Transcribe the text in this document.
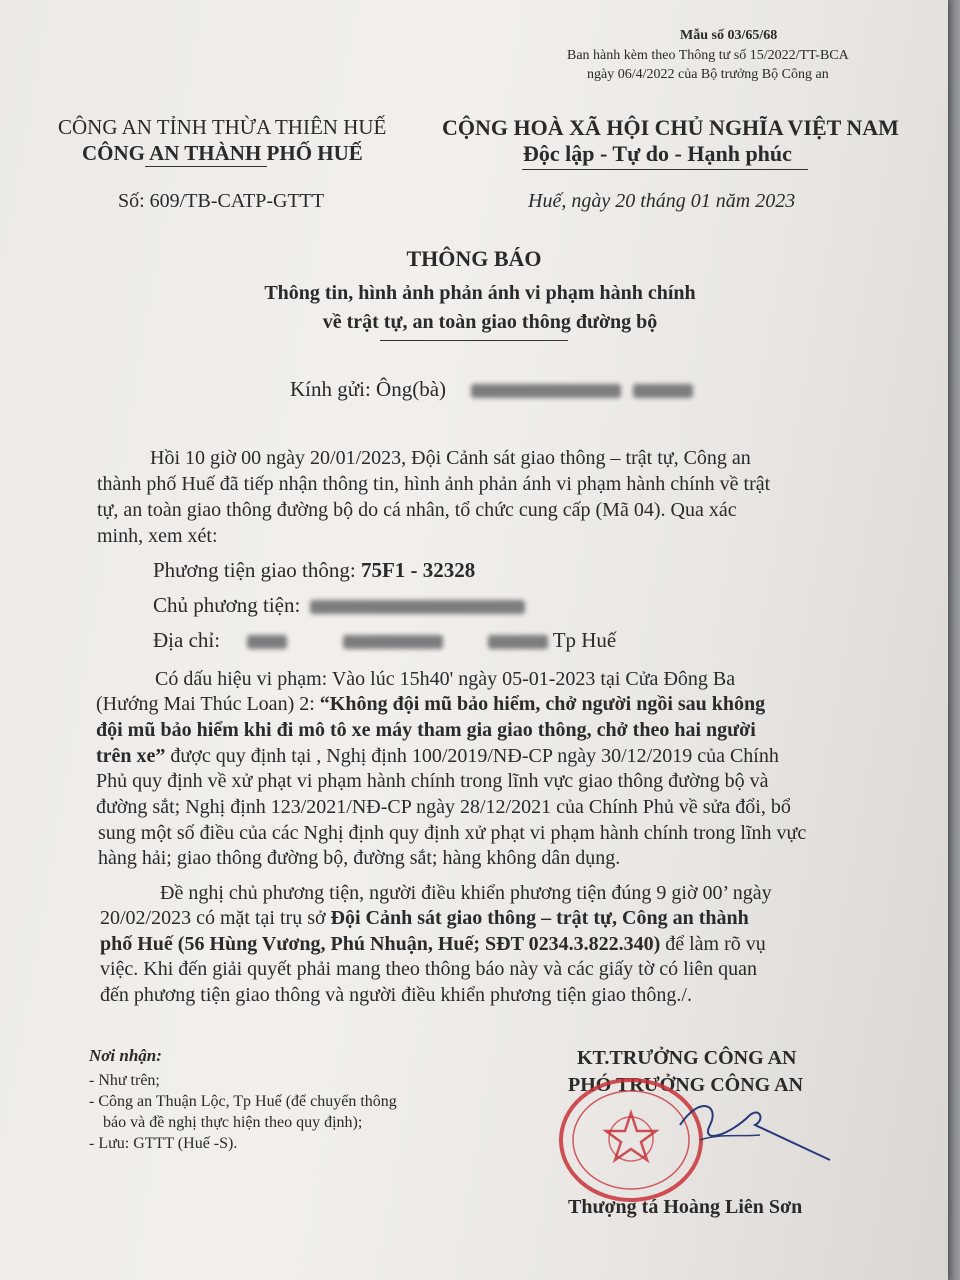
Mẫu số 03/65/68
Ban hành kèm theo Thông tư số 15/2022/TT-BCA
ngày 06/4/2022 của Bộ trưởng Bộ Công an
CÔNG AN TỈNH THỪA THIÊN HUẾ
CÔNG AN THÀNH PHỐ HUẾ
CỘNG HOÀ XÃ HỘI CHỦ NGHĨA VIỆT NAM
Độc lập - Tự do - Hạnh phúc
Số: 609/TB-CATP-GTTT	Huế, ngày 20 tháng 01 năm 2023
THÔNG BÁO
Thông tin, hình ảnh phản ánh vi phạm hành chính
về trật tự, an toàn giao thông đường bộ
Kính gửi: Ông(bà)
Hồi 10 giờ 00 ngày 20/01/2023, Đội Cảnh sát giao thông – trật tự, Công an
thành phố Huế đã tiếp nhận thông tin, hình ảnh phản ánh vi phạm hành chính về trật
tự, an toàn giao thông đường bộ do cá nhân, tổ chức cung cấp (Mã 04). Qua xác
minh, xem xét:
Phương tiện giao thông: 75F1 - 32328
Chủ phương tiện:
Địa chỉ:	Tp Huế
Có dấu hiệu vi phạm: Vào lúc 15h40' ngày 05-01-2023 tại Cửa Đông Ba
(Hướng Mai Thúc Loan) 2: “Không đội mũ bảo hiểm, chở người ngồi sau không
đội mũ bảo hiểm khi đi mô tô xe máy tham gia giao thông, chở theo hai người
trên xe” được quy định tại , Nghị định 100/2019/NĐ-CP ngày 30/12/2019 của Chính
Phủ quy định về xử phạt vi phạm hành chính trong lĩnh vực giao thông đường bộ và
đường sắt; Nghị định 123/2021/NĐ-CP ngày 28/12/2021 của Chính Phủ về sửa đổi, bổ
sung một số điều của các Nghị định quy định xử phạt vi phạm hành chính trong lĩnh vực
hàng hải; giao thông đường bộ, đường sắt; hàng không dân dụng.
Đề nghị chủ phương tiện, người điều khiển phương tiện đúng 9 giờ 00’ ngày
20/02/2023 có mặt tại trụ sở Đội Cảnh sát giao thông – trật tự, Công an thành
phố Huế (56 Hùng Vương, Phú Nhuận, Huế; SĐT 0234.3.822.340) để làm rõ vụ
việc. Khi đến giải quyết phải mang theo thông báo này và các giấy tờ có liên quan
đến phương tiện giao thông và người điều khiển phương tiện giao thông./.
Nơi nhận:
- Như trên;
- Công an Thuận Lộc, Tp Huế (để chuyển thông
báo và đề nghị thực hiện theo quy định);
- Lưu: GTTT (Huế -S).
KT.TRƯỞNG CÔNG AN
PHÓ TRƯỞNG CÔNG AN
Thượng tá Hoàng Liên Sơn
